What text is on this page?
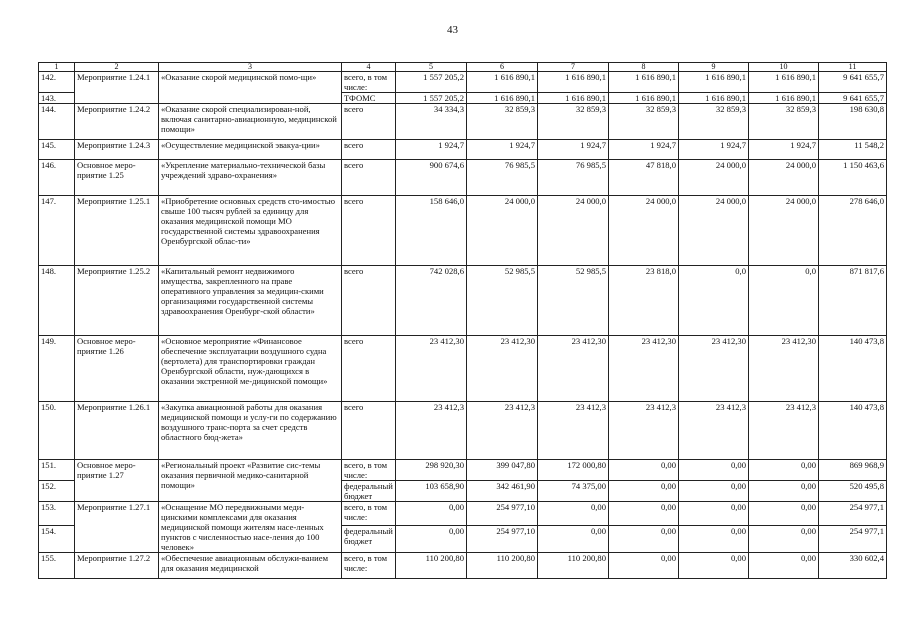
43
1	2	3	4	5	6	7	8	9	10	11
142.	Мероприятие 1.24.1	«Оказание скорой медицинской помо-щи»	всего, в том числе:	1 557 205,2	1 616 890,1	1 616 890,1	1 616 890,1	1 616 890,1	1 616 890,1	9 641 655,7
143.			ТФОМС	1 557 205,2	1 616 890,1	1 616 890,1	1 616 890,1	1 616 890,1	1 616 890,1	9 641 655,7
144.	Мероприятие 1.24.2	«Оказание скорой специализирован-ной, включая санитарно-авиационную, медицинской помощи»	всего	34 334,3	32 859,3	32 859,3	32 859,3	32 859,3	32 859,3	198 630,8
145.	Мероприятие 1.24.3	«Осуществление медицинской эвакуа-ции»	всего	1 924,7	1 924,7	1 924,7	1 924,7	1 924,7	1 924,7	11 548,2
146.	Основное меро-приятие 1.25	«Укрепление материально-технической базы учреждений здраво-охранения»	всего	900 674,6	76 985,5	76 985,5	47 818,0	24 000,0	24 000,0	1 150 463,6
147.	Мероприятие 1.25.1	«Приобретение основных средств сто-имостью свыше 100 тысяч рублей за единицу для оказания медицинской помощи МО государственной системы здравоохранения Оренбургской облас-ти»	всего	158 646,0	24 000,0	24 000,0	24 000,0	24 000,0	24 000,0	278 646,0
148.	Мероприятие 1.25.2	«Капитальный ремонт недвижимого имущества, закрепленного на праве оперативного управления за медицин-скими организациями государственной системы здравоохранения Оренбург-ской области»	всего	742 028,6	52 985,5	52 985,5	23 818,0	0,0	0,0	871 817,6
149.	Основное меро-приятие 1.26	«Основное мероприятие «Финансовое обеспечение эксплуатации воздушного судна (вертолета) для транспортировки граждан Оренбургской области, нуж-дающихся в оказании экстренной ме-дицинской помощи»	всего	23 412,30	23 412,30	23 412,30	23 412,30	23 412,30	23 412,30	140 473,8
150.	Мероприятие 1.26.1	«Закупка авиационной работы для оказания медицинской помощи и услу-ги по содержанию воздушного транс-порта за счет средств областного бюд-жета»	всего	23 412,3	23 412,3	23 412,3	23 412,3	23 412,3	23 412,3	140 473,8
151.	Основное меро-приятие 1.27	«Региональный проект «Развитие сис-темы оказания первичной медико-санитарной помощи»	всего, в том числе:	298 920,30	399 047,80	172 000,80	0,00	0,00	0,00	869 968,9
152.			федеральный бюджет	103 658,90	342 461,90	74 375,00	0,00	0,00	0,00	520 495,8
153.	Мероприятие 1.27.1	«Оснащение МО передвижными меди-цинскими комплексами для оказания медицинской помощи жителям насе-ленных пунктов с численностью насе-ления до 100 человек»	всего, в том числе:	0,00	254 977,10	0,00	0,00	0,00	0,00	254 977,1
154.			федеральный бюджет	0,00	254 977,10	0,00	0,00	0,00	0,00	254 977,1
155.	Мероприятие 1.27.2	«Обеспечение авиационным обслужи-ванием для оказания медицинской	всего, в том числе:	110 200,80	110 200,80	110 200,80	0,00	0,00	0,00	330 602,4
